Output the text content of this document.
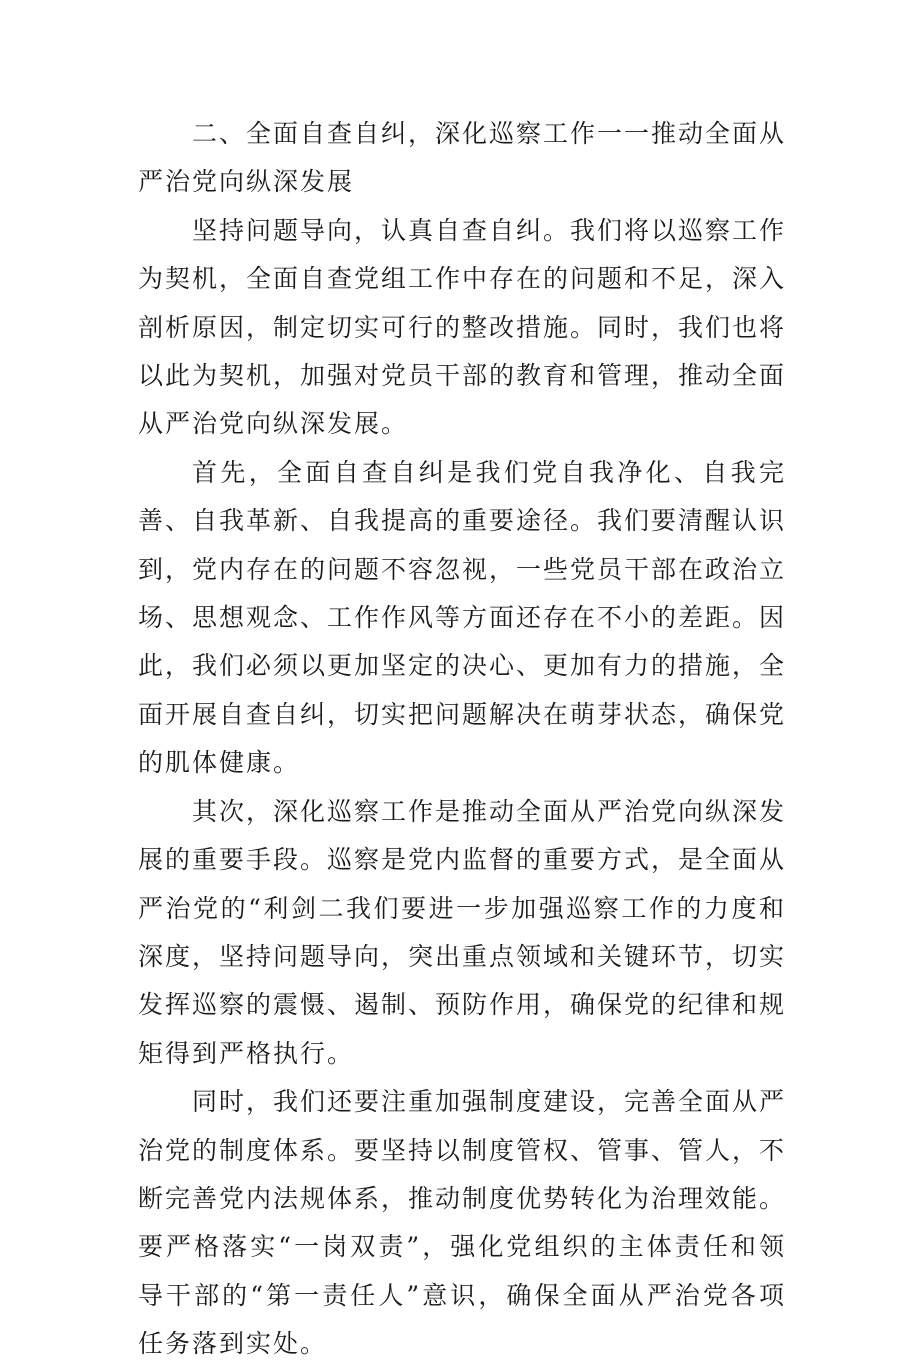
二、全面自查自纠，深化巡察工作一一推动全面从严治党向纵深发展

坚持问题导向，认真自查自纠。我们将以巡察工作为契机，全面自查党组工作中存在的问题和不足，深入剖析原因，制定切实可行的整改措施。同时，我们也将以此为契机，加强对党员干部的教育和管理，推动全面从严治党向纵深发展。

首先，全面自查自纠是我们党自我净化、自我完善、自我革新、自我提高的重要途径。我们要清醒认识到，党内存在的问题不容忽视，一些党员干部在政治立场、思想观念、工作作风等方面还存在不小的差距。因此，我们必须以更加坚定的决心、更加有力的措施，全面开展自查自纠，切实把问题解决在萌芽状态，确保党的肌体健康。

其次，深化巡察工作是推动全面从严治党向纵深发展的重要手段。巡察是党内监督的重要方式，是全面从严治党的“利剑二我们要进一步加强巡察工作的力度和深度，坚持问题导向，突出重点领域和关键环节，切实发挥巡察的震慑、遏制、预防作用，确保党的纪律和规矩得到严格执行。

同时，我们还要注重加强制度建设，完善全面从严治党的制度体系。要坚持以制度管权、管事、管人，不断完善党内法规体系，推动制度优势转化为治理效能。要严格落实“一岗双责”，强化党组织的主体责任和领导干部的“第一责任人”意识，确保全面从严治党各项任务落到实处。
